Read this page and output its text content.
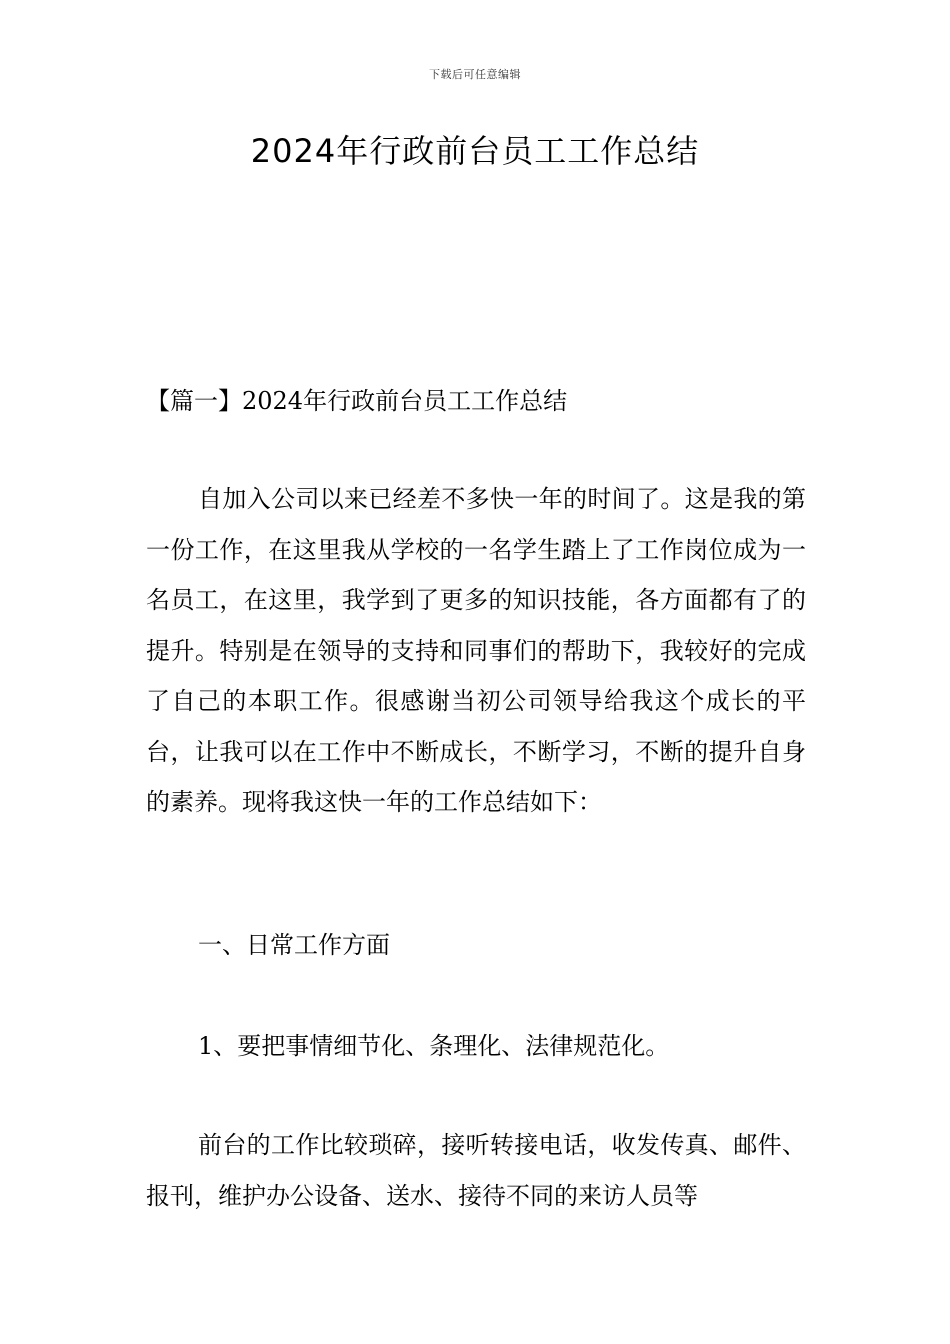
下载后可任意编辑
2024年行政前台员工工作总结

【篇一】2024年行政前台员工工作总结

自加入公司以来已经差不多快一年的时间了。这是我的第一份工作，在这里我从学校的一名学生踏上了工作岗位成为一名员工，在这里，我学到了更多的知识技能，各方面都有了的提升。特别是在领导的支持和同事们的帮助下，我较好的完成了自己的本职工作。很感谢当初公司领导给我这个成长的平台，让我可以在工作中不断成长，不断学习，不断的提升自身的素养。现将我这快一年的工作总结如下：

一、日常工作方面

1、要把事情细节化、条理化、法律规范化。

前台的工作比较琐碎，接听转接电话，收发传真、邮件、报刊，维护办公设备、送水、接待不同的来访人员等
